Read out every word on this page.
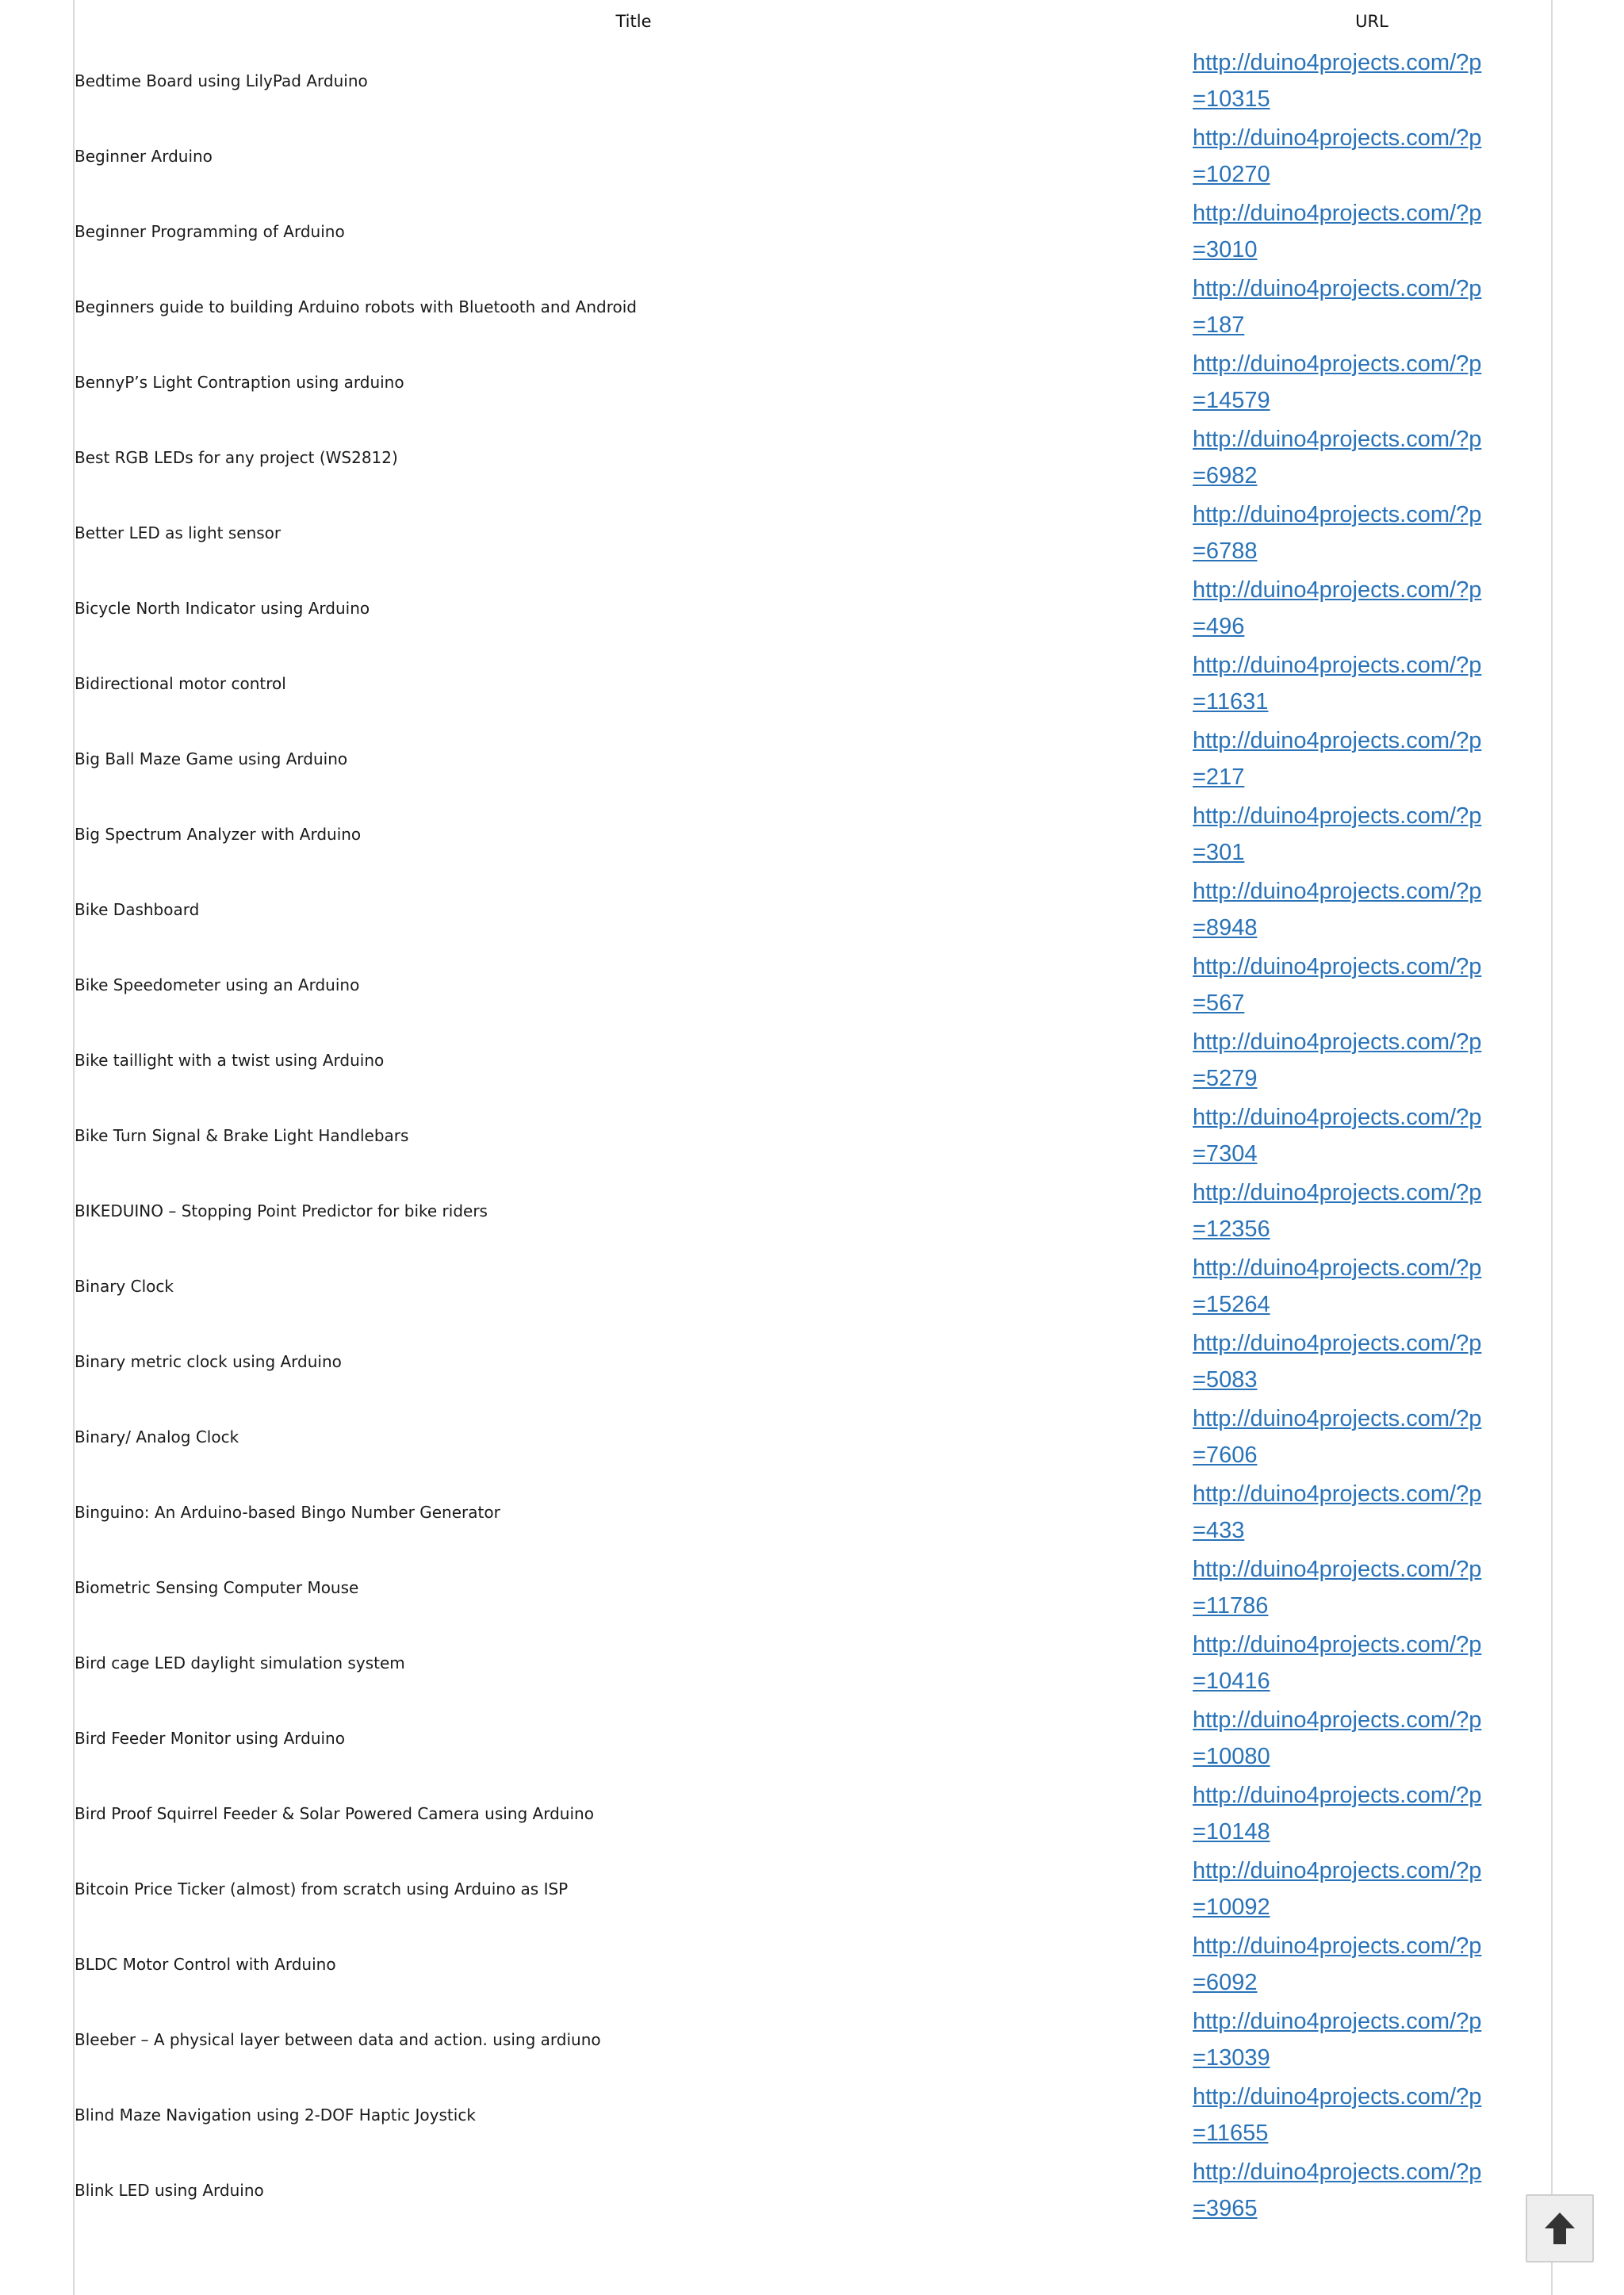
Title	URL
Bedtime Board using LilyPad Arduino	http://duino4projects.com/?p=10315

Beginner Arduino	http://duino4projects.com/?p=10270

Beginner Programming of Arduino	http://duino4projects.com/?p=3010

Beginners guide to building Arduino robots with Bluetooth and Android	http://duino4projects.com/?p=187

BennyP’s Light Contraption using arduino	http://duino4projects.com/?p=14579

Best RGB LEDs for any project (WS2812)	http://duino4projects.com/?p=6982

Better LED as light sensor	http://duino4projects.com/?p=6788

Bicycle North Indicator using Arduino	http://duino4projects.com/?p=496

Bidirectional motor control	http://duino4projects.com/?p=11631

Big Ball Maze Game using Arduino	http://duino4projects.com/?p=217

Big Spectrum Analyzer with Arduino	http://duino4projects.com/?p=301

Bike Dashboard	http://duino4projects.com/?p=8948

Bike Speedometer using an Arduino	http://duino4projects.com/?p=567

Bike taillight with a twist using Arduino	http://duino4projects.com/?p=5279

Bike Turn Signal & Brake Light Handlebars	http://duino4projects.com/?p=7304

BIKEDUINO – Stopping Point Predictor for bike riders	http://duino4projects.com/?p=12356

Binary Clock	http://duino4projects.com/?p=15264

Binary metric clock using Arduino	http://duino4projects.com/?p=5083

Binary/ Analog Clock	http://duino4projects.com/?p=7606

Binguino: An Arduino-based Bingo Number Generator	http://duino4projects.com/?p=433

Biometric Sensing Computer Mouse	http://duino4projects.com/?p=11786

Bird cage LED daylight simulation system	http://duino4projects.com/?p=10416

Bird Feeder Monitor using Arduino	http://duino4projects.com/?p=10080

Bird Proof Squirrel Feeder & Solar Powered Camera using Arduino	http://duino4projects.com/?p=10148

Bitcoin Price Ticker (almost) from scratch using Arduino as ISP	http://duino4projects.com/?p=10092

BLDC Motor Control with Arduino	http://duino4projects.com/?p=6092

Bleeber – A physical layer between data and action. using ardiuno	http://duino4projects.com/?p=13039

Blind Maze Navigation using 2-DOF Haptic Joystick	http://duino4projects.com/?p=11655

Blink LED using Arduino	http://duino4projects.com/?p=3965
